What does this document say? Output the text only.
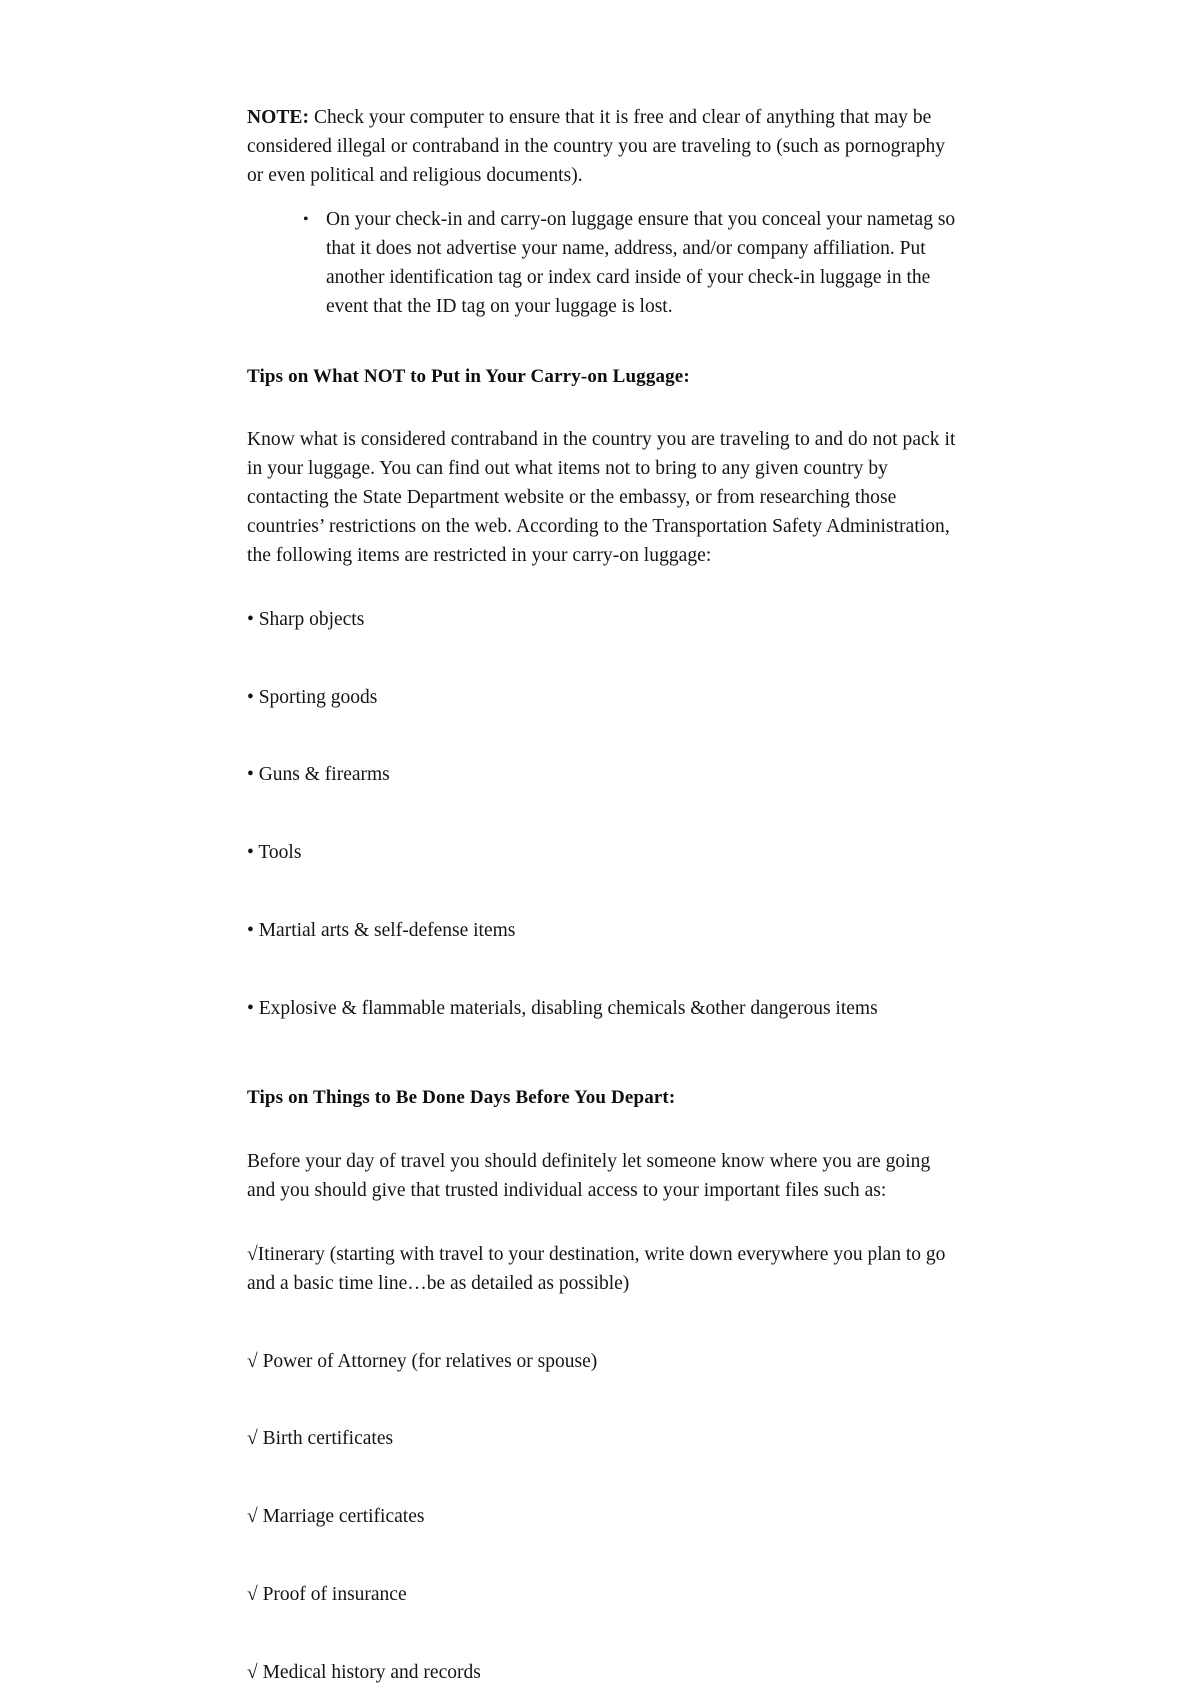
NOTE: Check your computer to ensure that it is free and clear of anything that may be considered illegal or contraband in the country you are traveling to (such as pornography or even political and religious documents).

• On your check-in and carry-on luggage ensure that you conceal your nametag so that it does not advertise your name, address, and/or company affiliation. Put another identification tag or index card inside of your check-in luggage in the event that the ID tag on your luggage is lost.

Tips on What NOT to Put in Your Carry-on Luggage:

Know what is considered contraband in the country you are traveling to and do not pack it in your luggage. You can find out what items not to bring to any given country by contacting the State Department website or the embassy, or from researching those countries’ restrictions on the web. According to the Transportation Safety Administration, the following items are restricted in your carry-on luggage:

• Sharp objects

• Sporting goods

• Guns & firearms

• Tools

• Martial arts & self-defense items

• Explosive & flammable materials, disabling chemicals &other dangerous items

Tips on Things to Be Done Days Before You Depart:

Before your day of travel you should definitely let someone know where you are going and you should give that trusted individual access to your important files such as:

√Itinerary (starting with travel to your destination, write down everywhere you plan to go and a basic time line…be as detailed as possible)

√ Power of Attorney (for relatives or spouse)

√ Birth certificates

√ Marriage certificates

√ Proof of insurance

√ Medical history and records
